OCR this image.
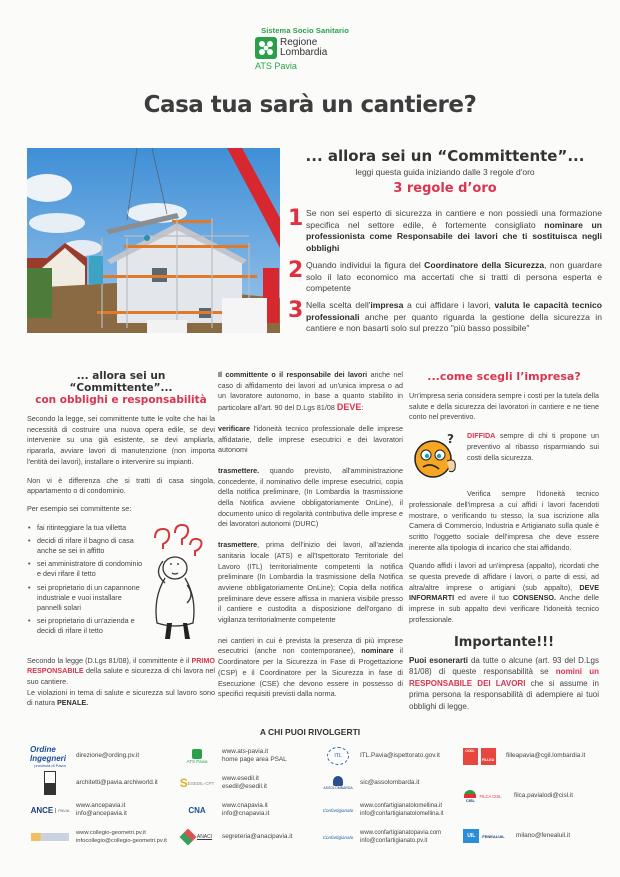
Sistema Socio Sanitario
Regione
Lombardia
ATS Pavia
Casa tua sarà un cantiere?
... allora sei un “Committente”...
leggi questa guida iniziando dalle 3 regole d'oro
3 regole d’oro
1 Se non sei esperto di sicurezza in cantiere e non possiedi una formazione specifica nel settore edile, è fortemente consigliato nominare un professionista come Responsabile dei lavori che ti sostituisca negli obblighi
2 Quando individui la figura del Coordinatore della Sicurezza, non guardare solo il lato economico ma accertati che si tratti di persona esperta e competente
3 Nella scelta dell'impresa a cui affidare i lavori, valuta le capacità tecnico professionali anche per quanto riguarda la gestione della sicurezza in cantiere e non basarti solo sul prezzo "più basso possibile"
... allora sei un “Committente”...
con obblighi e responsabilità
Secondo la legge, sei committente tutte le volte che hai la necessità di costruire una nuova opera edile, se devi intervenire su una già esistente, se devi ampliarla, ripararla, avviare lavori di manutenzione (non importa l'entità dei lavori), installare o intervenire su impianti.
Non vi è differenza che si tratti di casa singola, appartamento o di condominio.
Per esempio sei committente se:
• fai ritinteggiare la tua villetta
• decidi di rifare il bagno di casa anche se sei in affitto
• sei amministratore di condominio e devi rifare il tetto
• sei proprietario di un capannone industriale e vuoi installare pannelli solari
• sei proprietario di un'azienda e decidi di rifare il tetto
Secondo la legge (D.Lgs 81/08), il committente è il PRIMO RESPONSABILE della salute e sicurezza di chi lavora nel suo cantiere.
Le violazioni in tema di salute e sicurezza sul lavoro sono di natura PENALE.
Il committente o il responsabile dei lavori anche nel caso di affidamento dei lavori ad un'unica impresa o ad un lavoratore autonomo, in base a quanto stabilito in particolare all'art. 90 del D.Lgs 81/08 DEVE:
verificare l'idoneità tecnico professionale delle imprese affidatarie, delle imprese esecutrici e dei lavoratori autonomi
trasmettere. quando previsto, all'amministrazione concedente, il nominativo delle imprese esecutrici, copia della notifica preliminare, (In Lombardia la trasmissione della Notifica avviene obbligatoriamente OnLine), il documento unico di regolarità contributiva delle imprese e dei lavoratori autonomi (DURC)
trasmettere, prima dell'inizio dei lavori, all'azienda sanitaria locale (ATS) e all'Ispettorato Territoriale del Lavoro (ITL) territorialmente competenti la notifica preliminare (In Lombardia la trasmissione della Notifica avviene obbligatoriamente OnLine); Copia della notifica preliminare deve essere affissa in maniera visibile presso il cantiere e custodita a disposizione dell'organo di vigilanza territorialmente competente
nei cantieri in cui è prevista la presenza di più imprese esecutrici (anche non contemporanee), nominare il Coordinatore per la Sicurezza in Fase di Progettazione (CSP) e il Coordinatore per la Sicurezza in fase di Esecuzione (CSE) che devono essere in possesso di specifici requisiti previsti dalla norma.
...come scegli l’impresa?
Un'impresa seria considera sempre i costi per la tutela della salute e della sicurezza dei lavoratori in cantiere e ne tiene conto nel preventivo.
? DIFFIDA sempre di chi ti propone un preventivo al ribasso risparmiando sui costi della sicurezza.
Verifica sempre l'idoneità tecnico professionale dell'impresa a cui affidi i lavori facendoti mostrare, o verificando tu stesso, la sua iscrizione alla Camera di Commercio, Industria e Artigianato sulla quale è scritto l'oggetto sociale dell'impresa che deve essere inerente alla tipologia di incarico che stai affidando.
Quando affidi i lavori ad un'impresa (appalto), ricordati che se questa prevede di affidare i lavori, o parte di essi, ad altra/altre imprese o artigiani (sub appalto), DEVE INFORMARTI ed avere il tuo CONSENSO. Anche delle imprese in sub appalto devi verificare l'idoneità tecnico professionale.
Importante!!!
Puoi esonerarti da tutte o alcune (art. 93 del D.Lgs 81/08) di queste responsabilità se nomini un RESPONSABILE DEI LAVORI che si assume in prima persona la responsabilità di adempiere ai tuoi obblighi di legge.
A CHI PUOI RIVOLGERTI
Ordine Ingegneri
provincia di Pavia
direzione@ording.pv.it
architetti@pavia.archiworld.it
ANCE	PAVIA
www.ancepavia.it
info@ancepavia.it
www.collegio-geometri.pv.it
infocollegio@collegio-geometri.pv.it
ATS Pavia
www.ats-pavia.it
home page area PSAL
S ESEDIL-CPT
www.esedil.it
esedil@esedil.it
CNA	www.cnapavia.it
info@cnapavia.it
ANACI segreteria@anacipavia.it
ITL	ITL.Pavia@ispettorato.gov.it
ASSOLOMBARDA
sic@assolombarda.it
Confartigianato
www.confartigianatolomellina.it
info@confartigianatolomellina.it
Confartigianato
www.confartigianatopavia.com
info@confartigianato.pv.it
CGIL
FILLEA
filleapavia@cgil.lombardia.it
CISL
FILCA CISL filca.pavialodi@cisl.it
UIL	FENEALUIL milano@fenealuil.it
